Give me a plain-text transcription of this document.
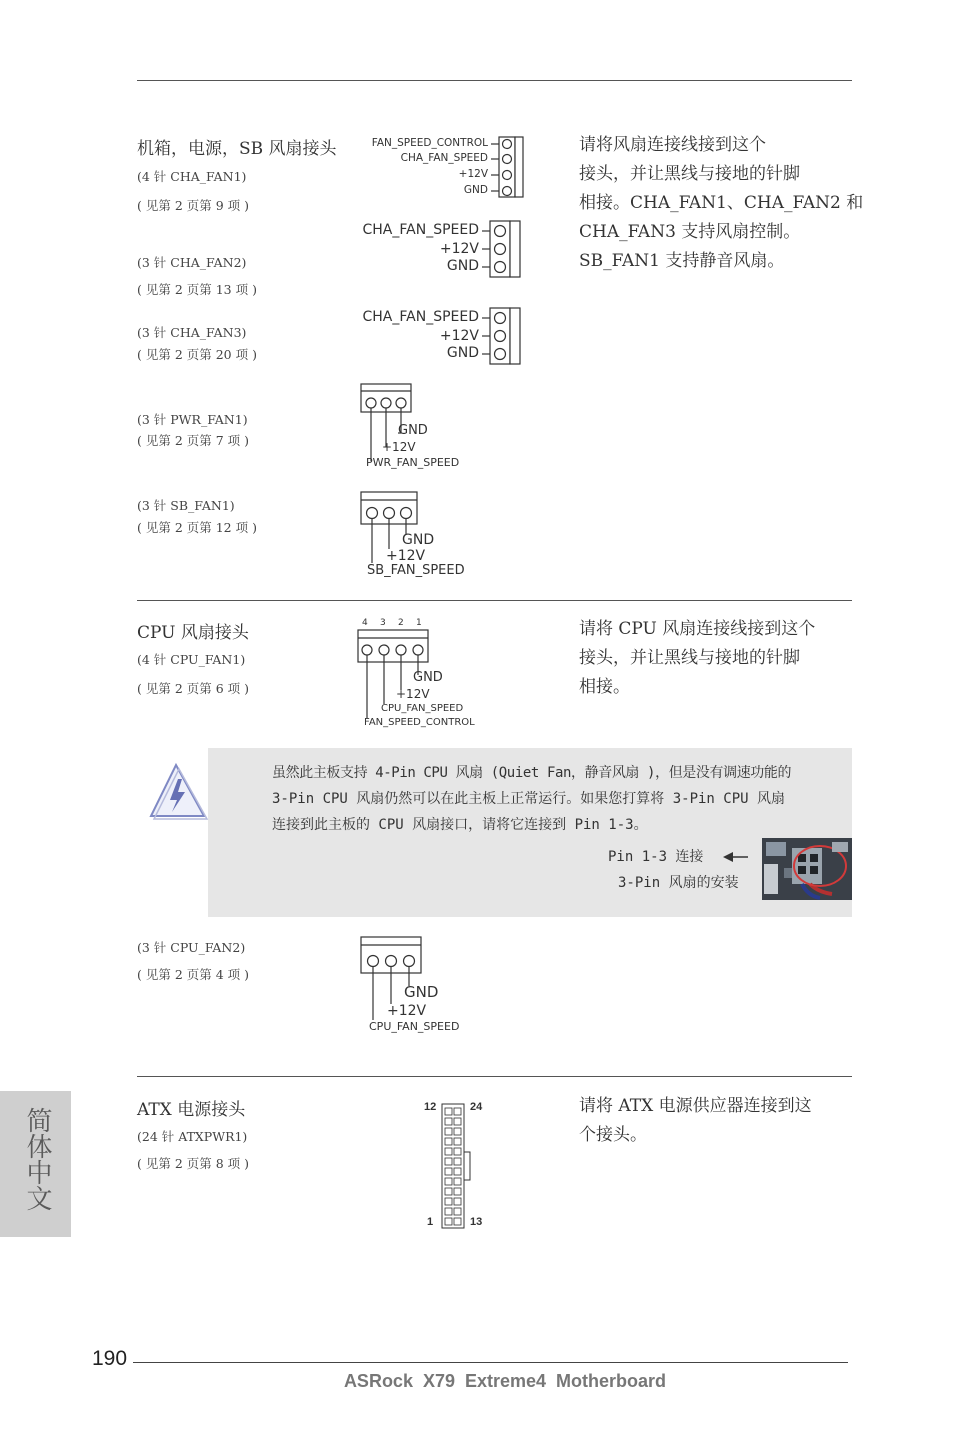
机箱，电源，SB 风扇接头
(4 针 CHA_FAN1)
( 见第 2 页第 9 项 )
(3 针 CHA_FAN2)
( 见第 2 页第 13 项 )
(3 针 CHA_FAN3)
( 见第 2 页第 20 项 )
(3 针 PWR_FAN1)
( 见第 2 页第 7 项 )
(3 针 SB_FAN1)
( 见第 2 页第 12 项 )
请将风扇连接线接到这个
接头，并让黑线与接地的针脚
相接。CHA_FAN1、CHA_FAN2 和
CHA_FAN3 支持风扇控制。
SB_FAN1 支持静音风扇。
FAN_SPEED_CONTROL
CHA_FAN_SPEED
+12V
GND
CHA_FAN_SPEED
+12V
GND
CHA_FAN_SPEED
+12V
GND
GND
+12V
PWR_FAN_SPEED
GND
+12V
SB_FAN_SPEED
CPU 风扇接头
(4 针 CPU_FAN1)
( 见第 2 页第 6 项 )
请将 CPU 风扇连接线接到这个
接头，并让黑线与接地的针脚
相接。
4 3 2 1
GND
+12V
CPU_FAN_SPEED
FAN_SPEED_CONTROL
虽然此主板支持 4-Pin CPU 风扇 (Quiet Fan，静音风扇 )，但是没有调速功能的
3-Pin CPU 风扇仍然可以在此主板上正常运行。如果您打算将 3-Pin CPU 风扇
连接到此主板的 CPU 风扇接口，请将它连接到 Pin 1-3。
Pin 1-3 连接
3-Pin 风扇的安装
(3 针 CPU_FAN2)
( 见第 2 页第 4 项 )
GND
+12V
CPU_FAN_SPEED
ATX 电源接头
(24 针 ATXPWR1)
( 见第 2 页第 8 项 )
请将 ATX 电源供应器连接到这
个接头。
12	24
1	13
简体中文
190
ASRock  X79  Extreme4  Motherboard
